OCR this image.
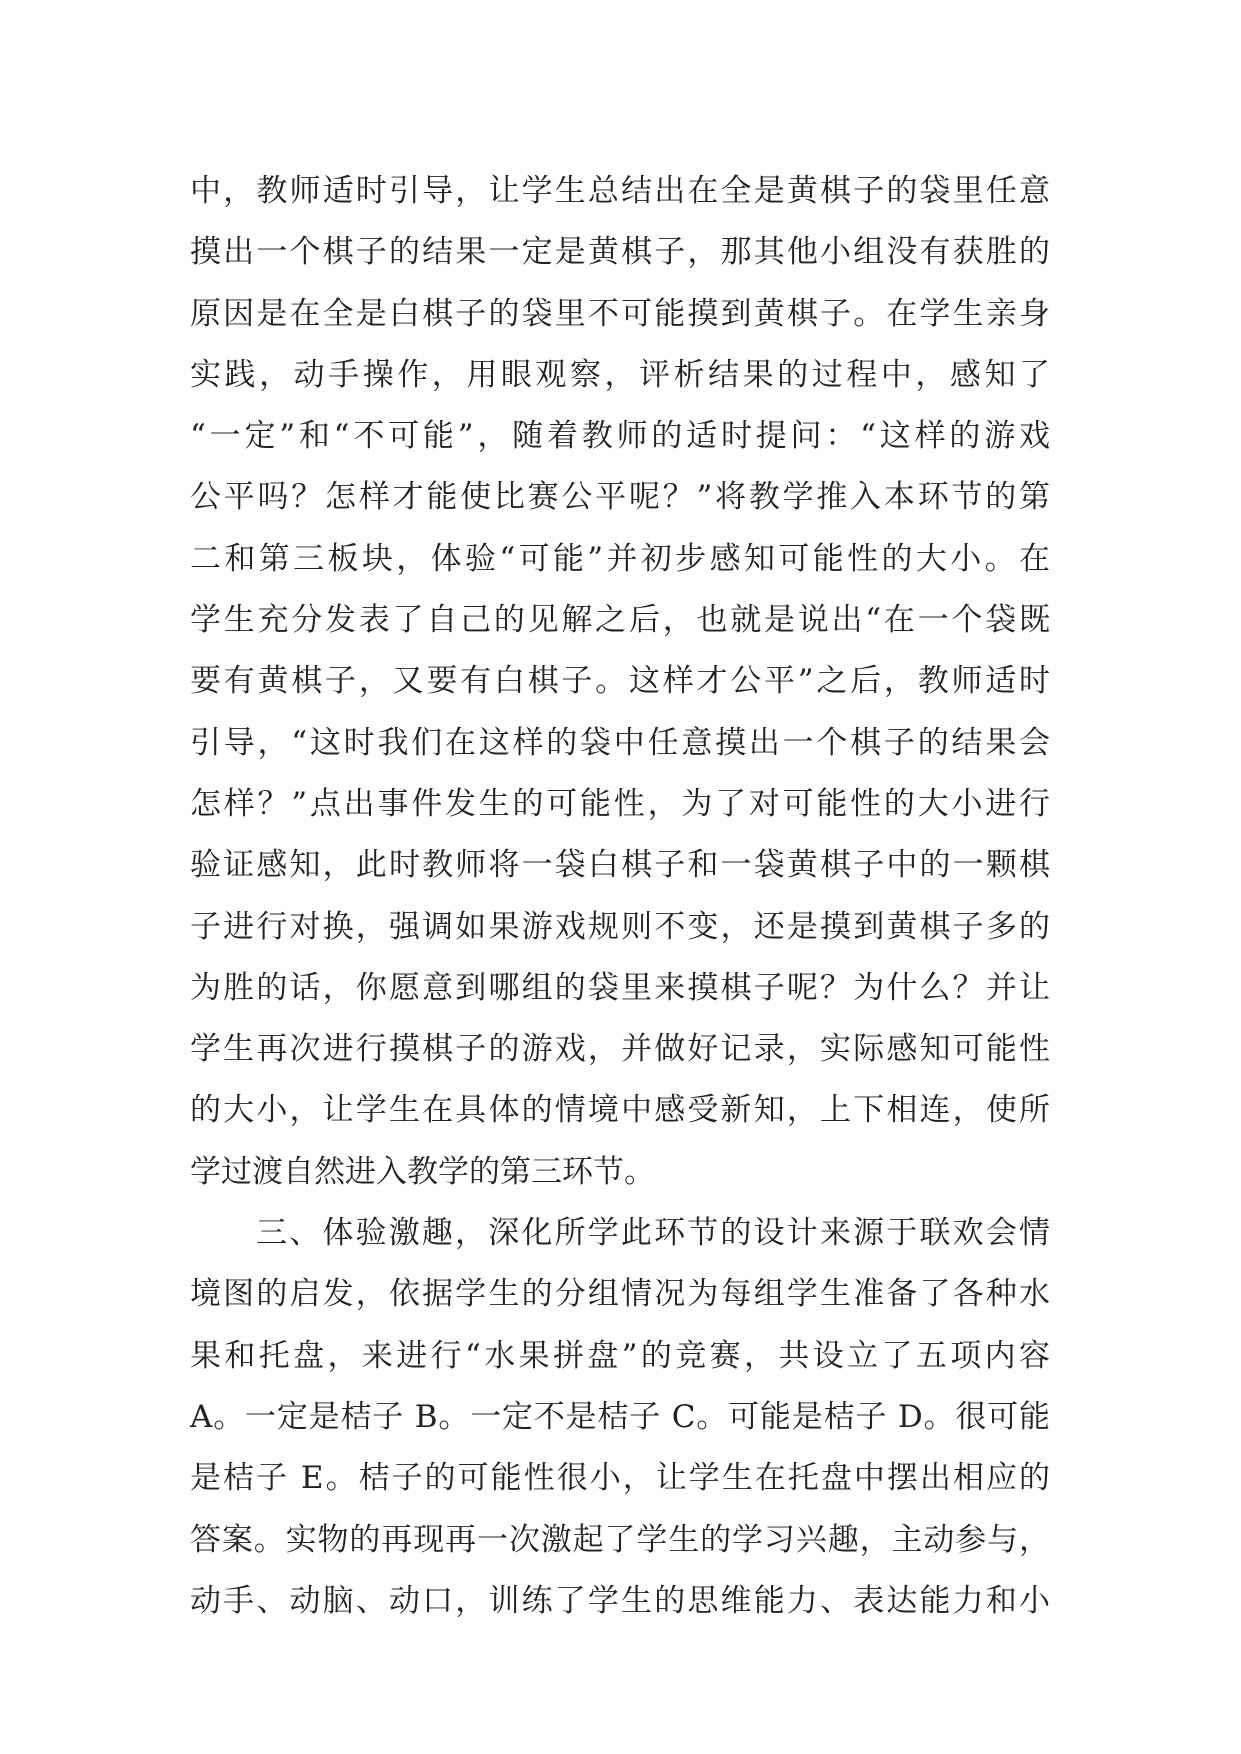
中，教师适时引导，让学生总结出在全是黄棋子的袋里任意
摸出一个棋子的结果一定是黄棋子，那其他小组没有获胜的
原因是在全是白棋子的袋里不可能摸到黄棋子。在学生亲身
实践，动手操作，用眼观察，评析结果的过程中，感知了
“一定”和“不可能”，随着教师的适时提问：“这样的游戏
公平吗？怎样才能使比赛公平呢？”将教学推入本环节的第
二和第三板块，体验“可能”并初步感知可能性的大小。在
学生充分发表了自己的见解之后，也就是说出“在一个袋既
要有黄棋子，又要有白棋子。这样才公平”之后，教师适时
引导，“这时我们在这样的袋中任意摸出一个棋子的结果会
怎样？”点出事件发生的可能性，为了对可能性的大小进行
验证感知，此时教师将一袋白棋子和一袋黄棋子中的一颗棋
子进行对换，强调如果游戏规则不变，还是摸到黄棋子多的
为胜的话，你愿意到哪组的袋里来摸棋子呢？为什么？并让
学生再次进行摸棋子的游戏，并做好记录，实际感知可能性
的大小，让学生在具体的情境中感受新知，上下相连，使所
学过渡自然进入教学的第三环节。
三、体验激趣，深化所学此环节的设计来源于联欢会情
境图的启发，依据学生的分组情况为每组学生准备了各种水
果和托盘，来进行“水果拼盘”的竞赛，共设立了五项内容
A。一定是桔子 B。一定不是桔子 C。可能是桔子 D。很可能
是桔子 E。桔子的可能性很小，让学生在托盘中摆出相应的
答案。实物的再现再一次激起了学生的学习兴趣，主动参与，
动手、动脑、动口，训练了学生的思维能力、表达能力和小
